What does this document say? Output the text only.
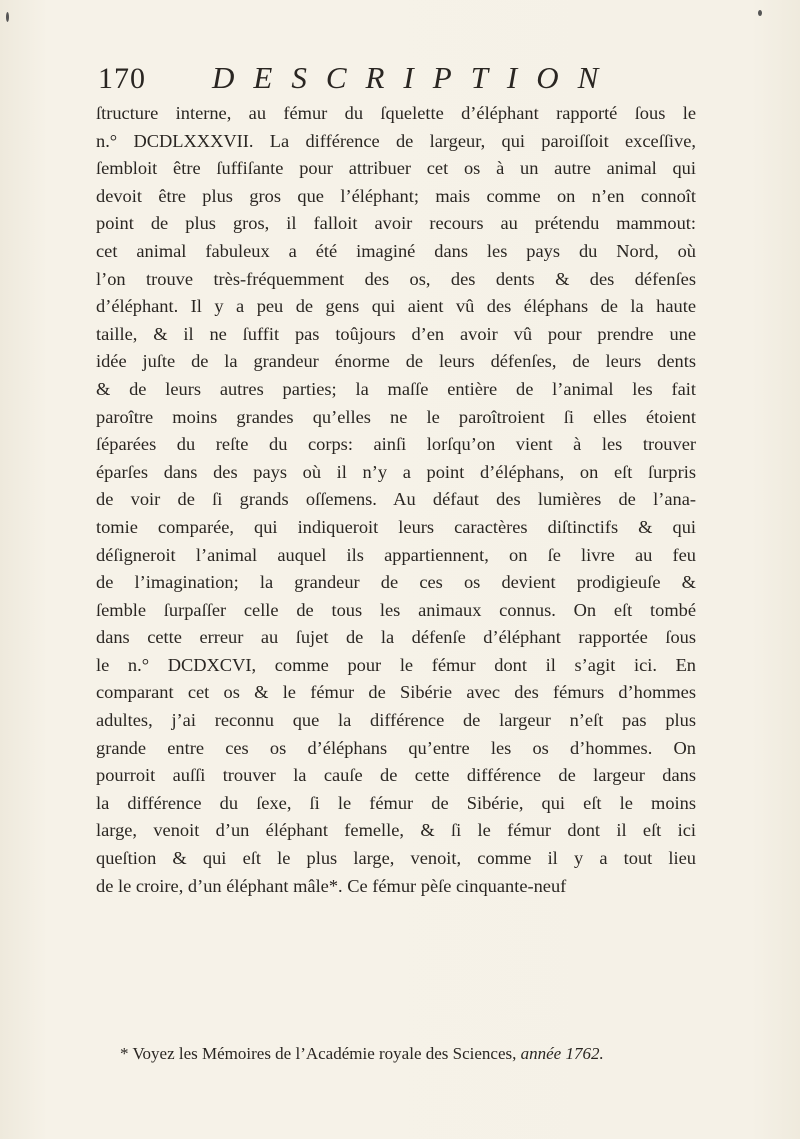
170 DESCRIPTION
ſtructure interne, au fémur du ſquelette d’éléphant rapporté ſous le
n.° DCDLXXXVII. La différence de largeur, qui paroiſſoit exceſſive,
ſembloit être ſuffiſante pour attribuer cet os à un autre animal qui
devoit être plus gros que l’éléphant; mais comme on n’en connoît
point de plus gros, il falloit avoir recours au prétendu mammout:
cet animal fabuleux a été imaginé dans les pays du Nord, où
l’on trouve très-fréquemment des os, des dents & des défenſes
d’éléphant. Il y a peu de gens qui aient vû des éléphans de la haute
taille, & il ne ſuffit pas toûjours d’en avoir vû pour prendre une
idée juſte de la grandeur énorme de leurs défenſes, de leurs dents
& de leurs autres parties; la maſſe entière de l’animal les fait
paroître moins grandes qu’elles ne le paroîtroient ſi elles étoient
ſéparées du reſte du corps: ainſi lorſqu’on vient à les trouver
éparſes dans des pays où il n’y a point d’éléphans, on eſt ſurpris
de voir de ſi grands oſſemens. Au défaut des lumières de l’ana-
tomie comparée, qui indiqueroit leurs caractères diſtinctifs & qui
déſigneroit l’animal auquel ils appartiennent, on ſe livre au feu
de l’imagination; la grandeur de ces os devient prodigieuſe &
ſemble ſurpaſſer celle de tous les animaux connus. On eſt tombé
dans cette erreur au ſujet de la défenſe d’éléphant rapportée ſous
le n.° DCDXCVI, comme pour le fémur dont il s’agit ici. En
comparant cet os & le fémur de Sibérie avec des fémurs d’hommes
adultes, j’ai reconnu que la différence de largeur n’eſt pas plus
grande entre ces os d’éléphans qu’entre les os d’hommes. On
pourroit auſſi trouver la cauſe de cette différence de largeur dans
la différence du ſexe, ſi le fémur de Sibérie, qui eſt le moins
large, venoit d’un éléphant femelle, & ſi le fémur dont il eſt ici
queſtion & qui eſt le plus large, venoit, comme il y a tout lieu
de le croire, d’un éléphant mâle*. Ce fémur pèſe cinquante-neuf
* Voyez les Mémoires de l’Académie royale des Sciences, année 1762.
